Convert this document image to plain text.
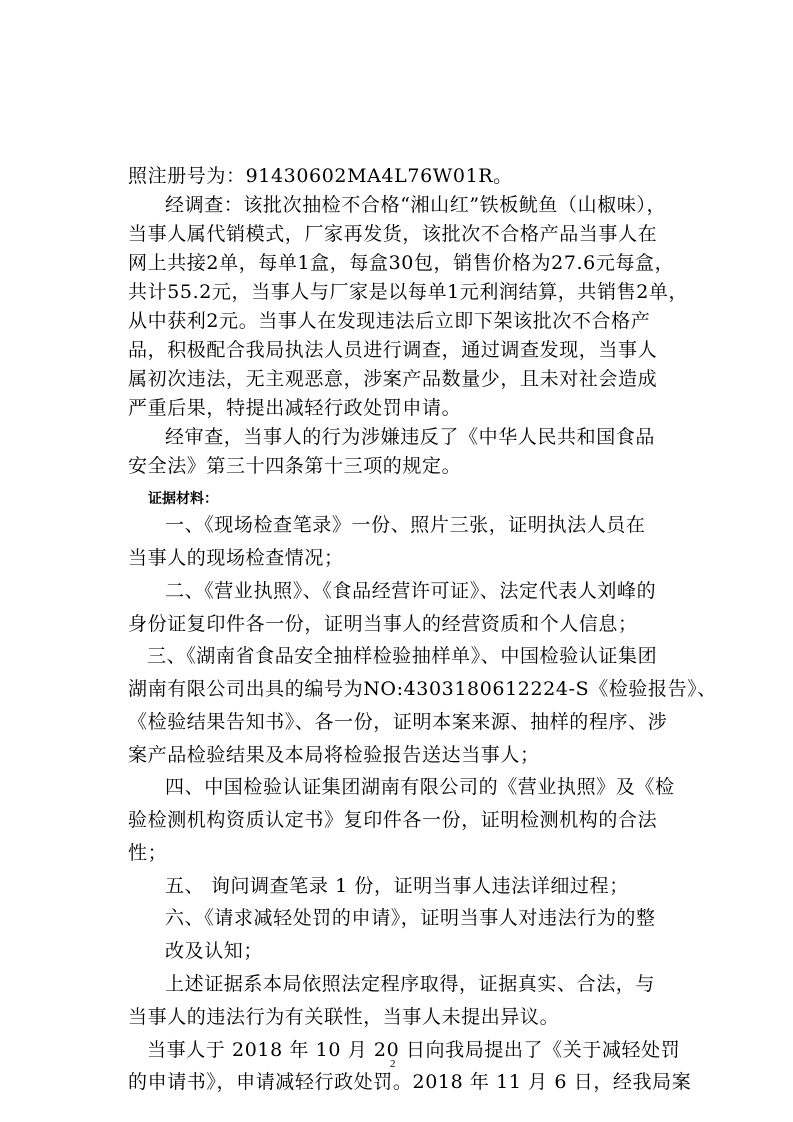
照注册号为：91430602MA4L76W01R。
经调查：该批次抽检不合格“湘山红”铁板鱿鱼（山椒味），
当事人属代销模式，厂家再发货，该批次不合格产品当事人在
网上共接2单，每单1盒，每盒30包，销售价格为27.6元每盒，
共计55.2元，当事人与厂家是以每单1元利润结算，共销售2单，
从中获利2元。当事人在发现违法后立即下架该批次不合格产
品，积极配合我局执法人员进行调查，通过调查发现，当事人
属初次违法，无主观恶意，涉案产品数量少，且未对社会造成
严重后果，特提出减轻行政处罚申请。
经审查，当事人的行为涉嫌违反了《中华人民共和国食品
安全法》第三十四条第十三项的规定。
证据材料：
一、《现场检查笔录》一份、照片三张，证明执法人员在
当事人的现场检查情况；
二、《营业执照》、《食品经营许可证》、法定代表人刘峰的
身份证复印件各一份，证明当事人的经营资质和个人信息；
三、《湖南省食品安全抽样检验抽样单》、中国检验认证集团
湖南有限公司出具的编号为NO:4303180612224-S《检验报告》、
《检验结果告知书》、各一份，证明本案来源、抽样的程序、涉
案产品检验结果及本局将检验报告送达当事人；
四、中国检验认证集团湖南有限公司的《营业执照》及《检
验检测机构资质认定书》复印件各一份，证明检测机构的合法
性；
五、 询问调查笔录 1 份，证明当事人违法详细过程；
六、《请求减轻处罚的申请》，证明当事人对违法行为的整
改及认知；
上述证据系本局依照法定程序取得，证据真实、合法，与
当事人的违法行为有关联性，当事人未提出异议。
当事人于 2018 年 10 月 20 日向我局提出了《关于减轻处罚
的申请书》，申请减轻行政处罚。2018 年 11 月 6 日，经我局案
2
